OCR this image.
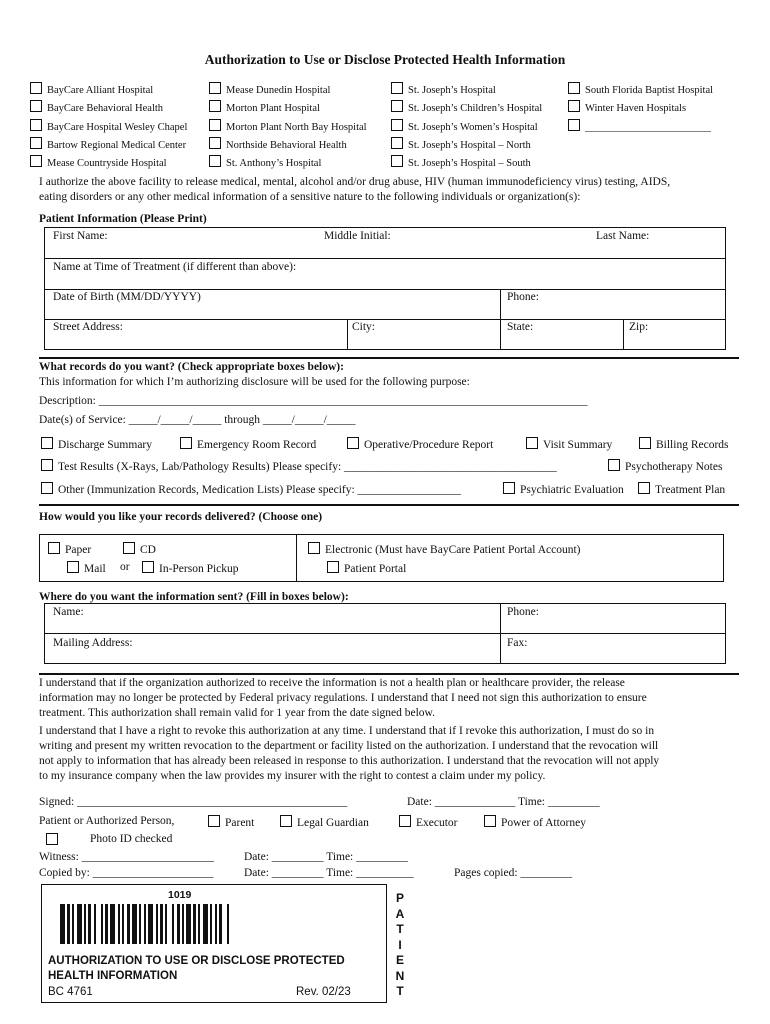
Authorization to Use or Disclose Protected Health Information
BayCare Alliant Hospital
BayCare Behavioral Health
BayCare Hospital Wesley Chapel
Bartow Regional Medical Center
Mease Countryside Hospital
Mease Dunedin Hospital
Morton Plant Hospital
Morton Plant North Bay Hospital
Northside Behavioral Health
St. Anthony’s Hospital
St. Joseph’s Hospital
St. Joseph’s Children’s Hospital
St. Joseph’s Women’s Hospital
St. Joseph’s Hospital – North
St. Joseph’s Hospital – South
South Florida Baptist Hospital
Winter Haven Hospitals
________________________
I authorize the above facility to release medical, mental, alcohol and/or drug abuse, HIV (human immunodeficiency virus) testing, AIDS,
eating disorders or any other medical information of a sensitive nature to the following individuals or organization(s):
Patient Information (Please Print)
First Name:	Middle Initial:	Last Name:
Name at Time of Treatment (if different than above):
Date of Birth (MM/DD/YYYY)	Phone:
Street Address:	City:	State:	Zip:
What records do you want? (Check appropriate boxes below):
This information for which I’m authorizing disclosure will be used for the following purpose:
Description: _____________________________________________________________________________________
Date(s) of Service: _____/_____/_____ through _____/_____/_____
Discharge Summary	Emergency Room Record	Operative/Procedure Report	Visit Summary	Billing Records
Test Results (X-Rays, Lab/Pathology Results) Please specify: _____________________________________	Psychotherapy Notes
Other (Immunization Records, Medication Lists) Please specify: __________________	Psychiatric Evaluation	Treatment Plan
How would you like your records delivered? (Choose one)
Paper	CD
Mail or	In-Person Pickup
Electronic (Must have BayCare Patient Portal Account)
Patient Portal
Where do you want the information sent? (Fill in boxes below):
Name:	Phone:
Mailing Address:	Fax:
I understand that if the organization authorized to receive the information is not a health plan or healthcare provider, the release
information may no longer be protected by Federal privacy regulations. I understand that I need not sign this authorization to ensure
treatment. This authorization shall remain valid for 1 year from the date signed below.
I understand that I have a right to revoke this authorization at any time. I understand that if I revoke this authorization, I must do so in
writing and present my written revocation to the department or facility listed on the authorization. I understand that the revocation will
not apply to information that has already been released in response to this authorization. I understand that the revocation will not apply
to my insurance company when the law provides my insurer with the right to contest a claim under my policy.
Signed: _______________________________________________	Date: ______________ Time: _________
Patient or Authorized Person,	Parent	Legal Guardian	Executor	Power of Attorney
Photo ID checked
Witness: _______________________	Date: _________ Time: _________
Copied by: _____________________	Date: _________ Time: __________	Pages copied: _________
1019
AUTHORIZATION TO USE OR DISCLOSE PROTECTED
HEALTH INFORMATION
BC 4761	Rev. 02/23
P
A
T
I
E
N
T
